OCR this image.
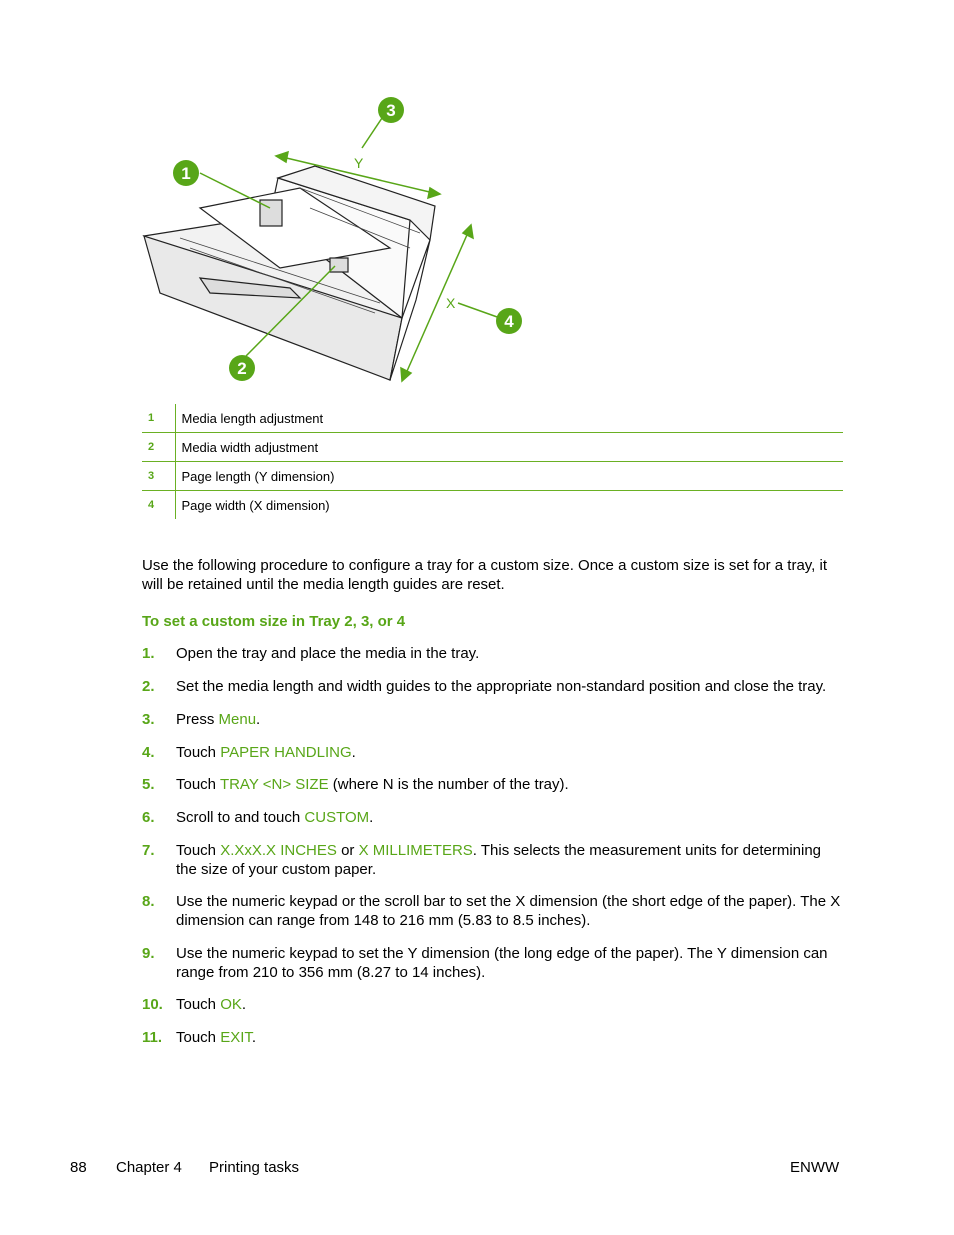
Y
X
1
2
3
4
1	Media length adjustment
2	Media width adjustment
3	Page length (Y dimension)
4	Page width (X dimension)
Use the following procedure to configure a tray for a custom size. Once a custom size is set for a tray, it will be retained until the media length guides are reset.
To set a custom size in Tray 2, 3, or 4
1. Open the tray and place the media in the tray.
2. Set the media length and width guides to the appropriate non-standard position and close the tray.
3. Press Menu.
4. Touch PAPER HANDLING.
5. Touch TRAY <N> SIZE (where N is the number of the tray).
6. Scroll to and touch CUSTOM.
7. Touch X.XxX.X INCHES or X MILLIMETERS. This selects the measurement units for determining the size of your custom paper.
8. Use the numeric keypad or the scroll bar to set the X dimension (the short edge of the paper). The X dimension can range from 148 to 216 mm (5.83 to 8.5 inches).
9. Use the numeric keypad to set the Y dimension (the long edge of the paper). The Y dimension can range from 210 to 356 mm (8.27 to 14 inches).
10. Touch OK.
11. Touch EXIT.
88 Chapter 4 Printing tasks	ENWW
